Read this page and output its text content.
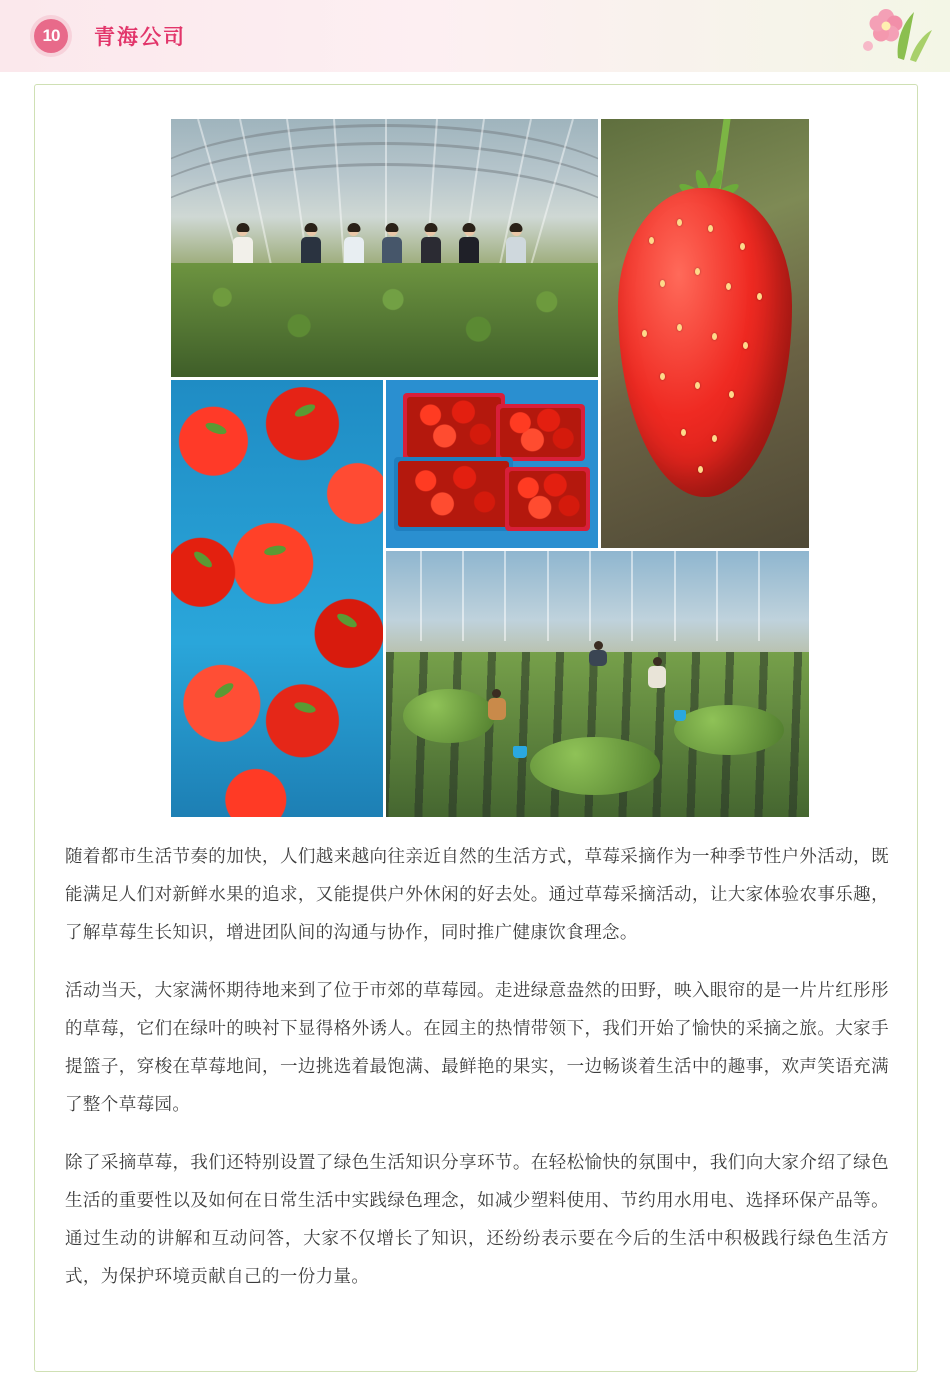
10	青海公司

随着都市生活节奏的加快，人们越来越向往亲近自然的生活方式，草莓采摘作为一种季节性户外活动，既能满足人们对新鲜水果的追求，又能提供户外休闲的好去处。通过草莓采摘活动，让大家体验农事乐趣，了解草莓生长知识，增进团队间的沟通与协作，同时推广健康饮食理念。

活动当天，大家满怀期待地来到了位于市郊的草莓园。走进绿意盎然的田野，映入眼帘的是一片片红彤彤的草莓，它们在绿叶的映衬下显得格外诱人。在园主的热情带领下，我们开始了愉快的采摘之旅。大家手提篮子，穿梭在草莓地间，一边挑选着最饱满、最鲜艳的果实，一边畅谈着生活中的趣事，欢声笑语充满了整个草莓园。

除了采摘草莓，我们还特别设置了绿色生活知识分享环节。在轻松愉快的氛围中，我们向大家介绍了绿色生活的重要性以及如何在日常生活中实践绿色理念，如减少塑料使用、节约用水用电、选择环保产品等。通过生动的讲解和互动问答，大家不仅增长了知识，还纷纷表示要在今后的生活中积极践行绿色生活方式，为保护环境贡献自己的一份力量。
